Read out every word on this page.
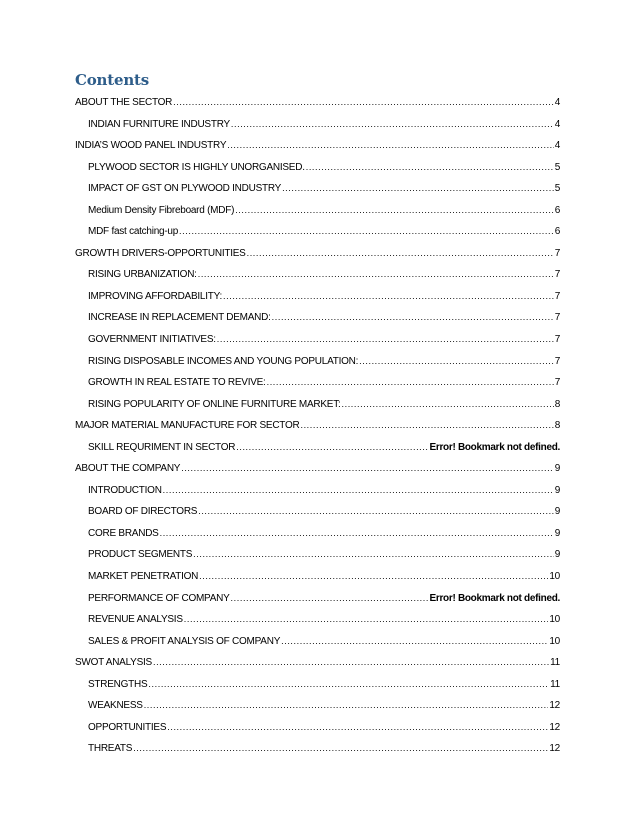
Contents
ABOUT THE SECTOR .....	4
INDIAN FURNITURE INDUSTRY .....	4
INDIA’S WOOD PANEL INDUSTRY .....	4
PLYWOOD SECTOR IS HIGHLY UNORGANISED. .....	5
IMPACT OF GST ON PLYWOOD INDUSTRY .....	5
Medium Density Fibreboard (MDF) .....	6
MDF fast catching-up .....	6
GROWTH DRIVERS-OPPORTUNITIES .....	7
RISING URBANIZATION: .....	7
IMPROVING AFFORDABILITY: .....	7
INCREASE IN REPLACEMENT DEMAND: .....	7
GOVERNMENT INITIATIVES: .....	7
RISING DISPOSABLE INCOMES AND YOUNG POPULATION: .....	7
GROWTH IN REAL ESTATE TO REVIVE: .....	7
RISING POPULARITY OF ONLINE FURNITURE MARKET: .....	8
MAJOR MATERIAL MANUFACTURE FOR SECTOR .....	8
SKILL REQURIMENT IN SECTOR .....	Error! Bookmark not defined.
ABOUT THE COMPANY .....	9
INTRODUCTION .....	9
BOARD OF DIRECTORS .....	9
CORE BRANDS .....	9
PRODUCT SEGMENTS .....	9
MARKET PENETRATION .....	10
PERFORMANCE OF COMPANY .....	Error! Bookmark not defined.
REVENUE ANALYSIS .....	10
SALES & PROFIT ANALYSIS OF COMPANY .....	10
SWOT ANALYSIS .....	11
STRENGTHS .....	11
WEAKNESS .....	12
OPPORTUNITIES .....	12
THREATS .....	12
